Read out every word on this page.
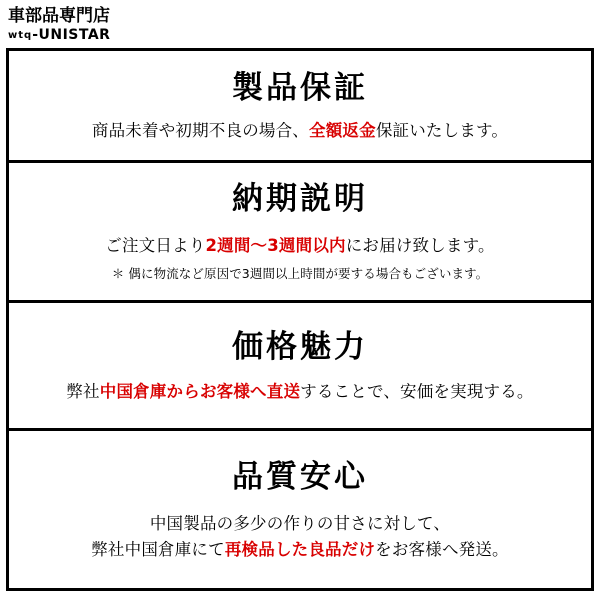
車部品専門店
wtq-UNISTAR
製品保証

商品未着や初期不良の場合、全額返金保証いたします。

納期説明

ご注文日より2週間～3週間以内にお届け致します。

＊ 偶に物流など原因で3週間以上時間が要する場合もございます。

価格魅力

弊社中国倉庫からお客様へ直送することで、安価を実現する。

品質安心

中国製品の多少の作りの甘さに対して、

弊社中国倉庫にて再検品した良品だけをお客様へ発送。
